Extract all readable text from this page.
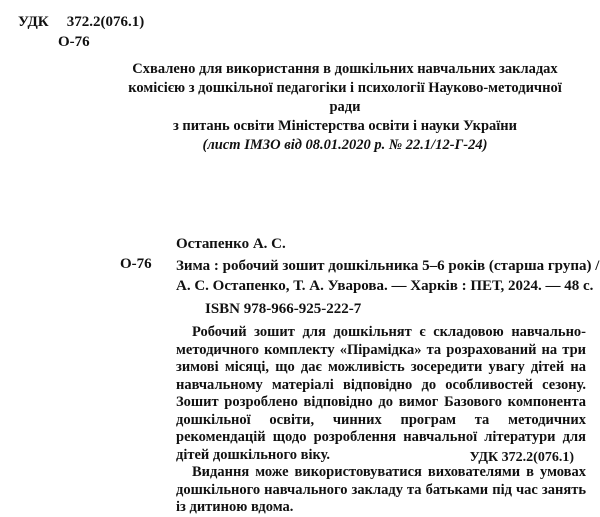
УДК 372.2(076.1)
О-76
Схвалено для використання в дошкільних навчальних закладах
комісією з дошкільної педагогіки і психології Науково-методичної ради
з питань освіти Міністерства освіти і науки України
(лист ІМЗО від 08.01.2020 р. № 22.1/12-Г-24)
Остапенко А. С.
О-76 Зима : робочий зошит дошкільника 5–6 років (старша група) /
А. С. Остапенко, Т. А. Уварова. — Харків : ПЕТ, 2024. — 48 с.
ISBN 978-966-925-222-7

Робочий зошит для дошкільнят є складовою навчально-методичного комплекту «Пірамідка» та розрахований на три зимові місяці, що дає можливість зосередити увагу дітей на навчальному матеріалі відповідно до особливостей сезону. Зошит розроблено відповідно до вимог Базового компонента дошкільної освіти, чинних програм та методичних рекомендацій щодо розроблення навчальної літератури для дітей дошкільного віку.

Видання може використовуватися вихователями в умовах дошкільного навчального закладу та батьками під час занять із дитиною вдома.

УДК 372.2(076.1)
